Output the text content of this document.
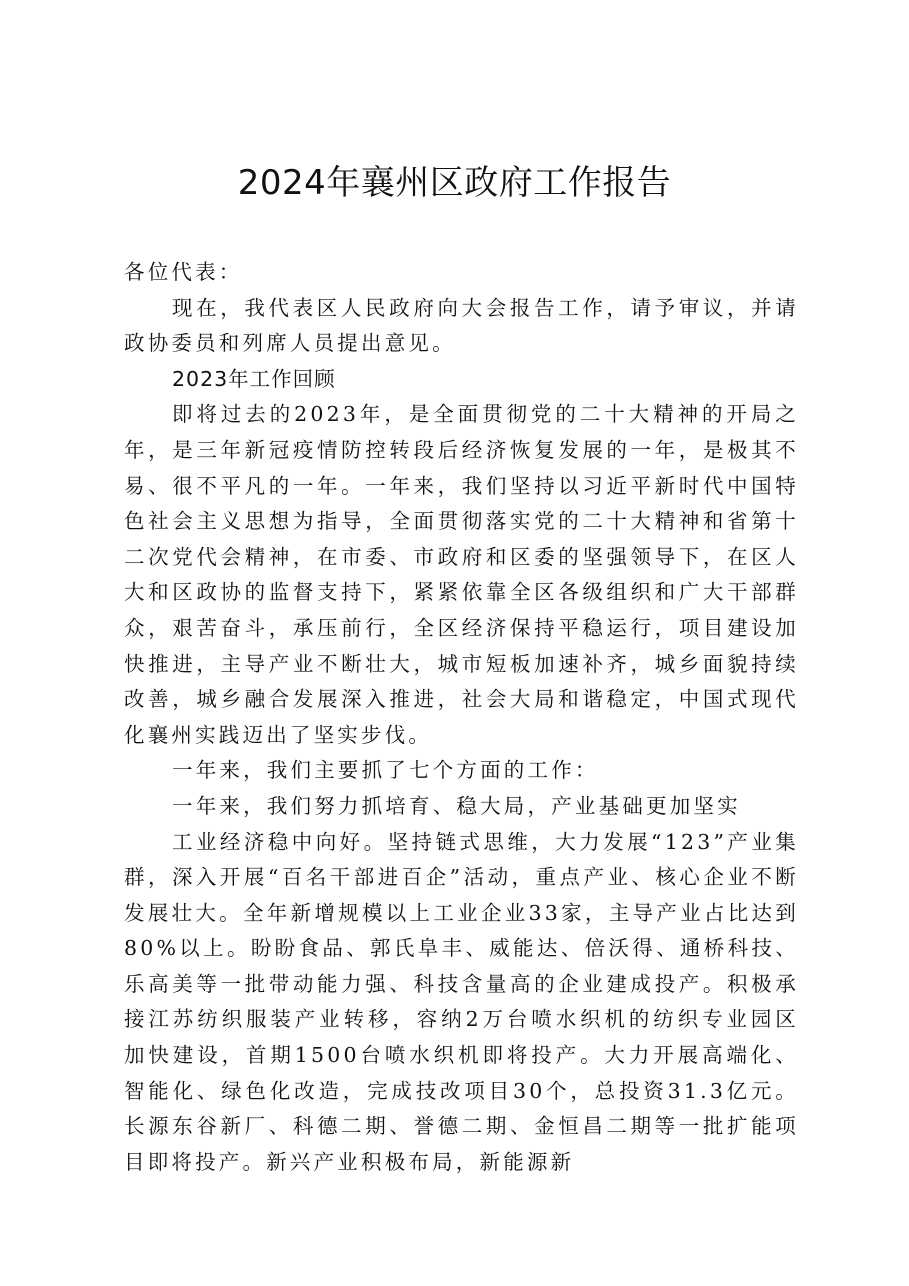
2024年襄州区政府工作报告

各位代表：

现在，我代表区人民政府向大会报告工作，请予审议，并请政协委员和列席人员提出意见。

2023年工作回顾

即将过去的2023年，是全面贯彻党的二十大精神的开局之年，是三年新冠疫情防控转段后经济恢复发展的一年，是极其不易、很不平凡的一年。一年来，我们坚持以习近平新时代中国特色社会主义思想为指导，全面贯彻落实党的二十大精神和省第十二次党代会精神，在市委、市政府和区委的坚强领导下，在区人大和区政协的监督支持下，紧紧依靠全区各级组织和广大干部群众，艰苦奋斗，承压前行，全区经济保持平稳运行，项目建设加快推进，主导产业不断壮大，城市短板加速补齐，城乡面貌持续改善，城乡融合发展深入推进，社会大局和谐稳定，中国式现代化襄州实践迈出了坚实步伐。

一年来，我们主要抓了七个方面的工作：

一年来，我们努力抓培育、稳大局，产业基础更加坚实

工业经济稳中向好。坚持链式思维，大力发展“123”产业集群，深入开展“百名干部进百企”活动，重点产业、核心企业不断发展壮大。全年新增规模以上工业企业33家，主导产业占比达到80%以上。盼盼食品、郭氏阜丰、威能达、倍沃得、通桥科技、乐高美等一批带动能力强、科技含量高的企业建成投产。积极承接江苏纺织服装产业转移，容纳2万台喷水织机的纺织专业园区加快建设，首期1500台喷水织机即将投产。大力开展高端化、智能化、绿色化改造，完成技改项目30个，总投资31.3亿元。长源东谷新厂、科德二期、誉德二期、金恒昌二期等一批扩能项目即将投产。新兴产业积极布局，新能源新
